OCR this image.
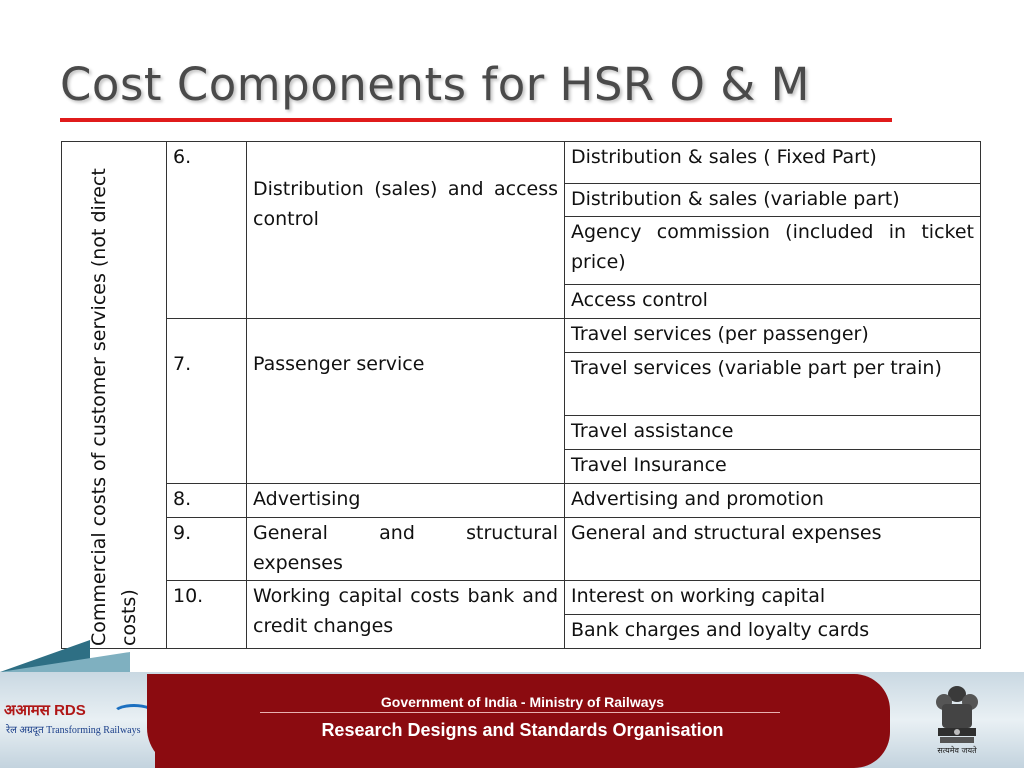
Cost Components for HSR O & M
Commercial costs of customer services (not direct costs)	6.	Distribution (sales) and access control	Distribution & sales ( Fixed Part)
			Distribution & sales (variable part)
			Agency commission (included in ticket price)
			Access control
	7.	Passenger service	Travel services (per passenger)
			Travel services (variable part per train)
			Travel assistance
			Travel Insurance
	8.	Advertising	Advertising and promotion
	9.	General and structural expenses	General and structural expenses
	10.	Working capital costs bank and credit changes	Interest on working capital
			Bank charges and loyalty cards
अआमस RDS
रेल अग्रदूत Transforming Railways
Government of India - Ministry of Railways
Research Designs and Standards Organisation
सत्यमेव जयते
